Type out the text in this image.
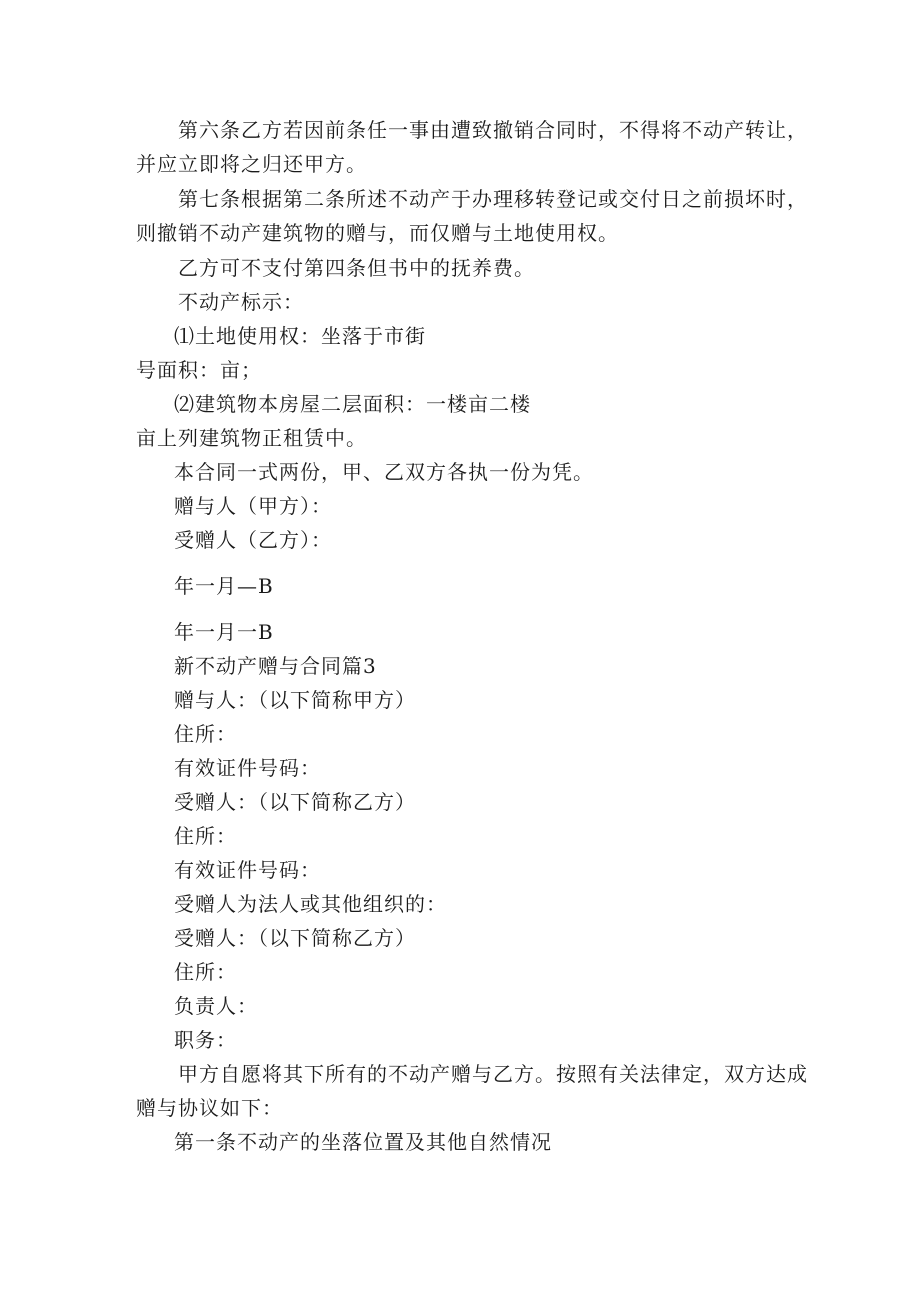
第六条乙方若因前条任一事由遭致撤销合同时，不得将不动产转让，
并应立即将之归还甲方。
第七条根据第二条所述不动产于办理移转登记或交付日之前损坏时，
则撤销不动产建筑物的赠与，而仅赠与土地使用权。
乙方可不支付第四条但书中的抚养费。
不动产标示：
⑴土地使用权：坐落于市街
号面积：亩；
⑵建筑物本房屋二层面积：一楼亩二楼
亩上列建筑物正租赁中。
本合同一式两份，甲、乙双方各执一份为凭。
赠与人（甲方）：
受赠人（乙方）：
年一月—B
年一月一B
新不动产赠与合同篇3
赠与人：（以下简称甲方）
住所：
有效证件号码：
受赠人：（以下简称乙方）
住所：
有效证件号码：
受赠人为法人或其他组织的：
受赠人：（以下简称乙方）
住所：
负责人：
职务：
甲方自愿将其下所有的不动产赠与乙方。按照有关法律定，双方达成
赠与协议如下：
第一条不动产的坐落位置及其他自然情况
